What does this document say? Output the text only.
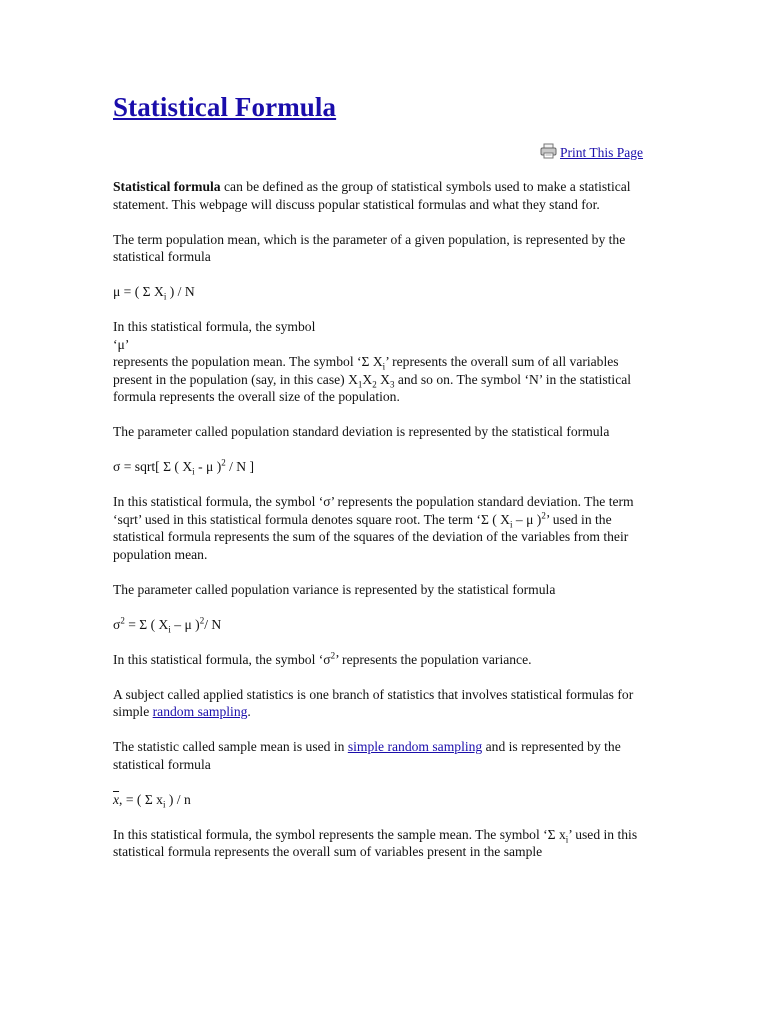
Statistical Formula
Print This Page

Statistical formula can be defined as the group of statistical symbols used to make a statistical statement. This webpage will discuss popular statistical formulas and what they stand for.

The term population mean, which is the parameter of a given population, is represented by the statistical formula

μ = ( Σ $X_i$ ) / N

In this statistical formula, the symbol

‘μ’

represents the population mean. The symbol ‘Σ $X_i$’ represents the overall sum of all variables present in the population (say, in this case) $X_1X_2$ $X_3$ and so on. The symbol ‘N’ in the statistical formula represents the overall size of the population.

The parameter called population standard deviation is represented by the statistical formula

σ = sqrt[ Σ ( $X_i$ - μ )$^2$ / N ]

In this statistical formula, the symbol ‘σ’ represents the population standard deviation. The term ‘sqrt’ used in this statistical formula denotes square root. The term ‘Σ ( $X_i$ – μ )$^2$’ used in the statistical formula represents the sum of the squares of the deviation of the variables from their population mean.

The parameter called population variance is represented by the statistical formula

$\sigma^2 = \Sigma$ ( $X_i$ – μ )$^2$/ N

In this statistical formula, the symbol ‘$\sigma^2$’ represents the population variance.

A subject called applied statistics is one branch of statistics that involves statistical formulas for simple random sampling.

The statistic called sample mean is used in simple random sampling and is represented by the statistical formula

$\overline{x}$, = ( Σ $x_i$ ) / n

In this statistical formula, the symbol represents the sample mean. The symbol ‘Σ $x_i$’ used in this statistical formula represents the overall sum of variables present in the sample
